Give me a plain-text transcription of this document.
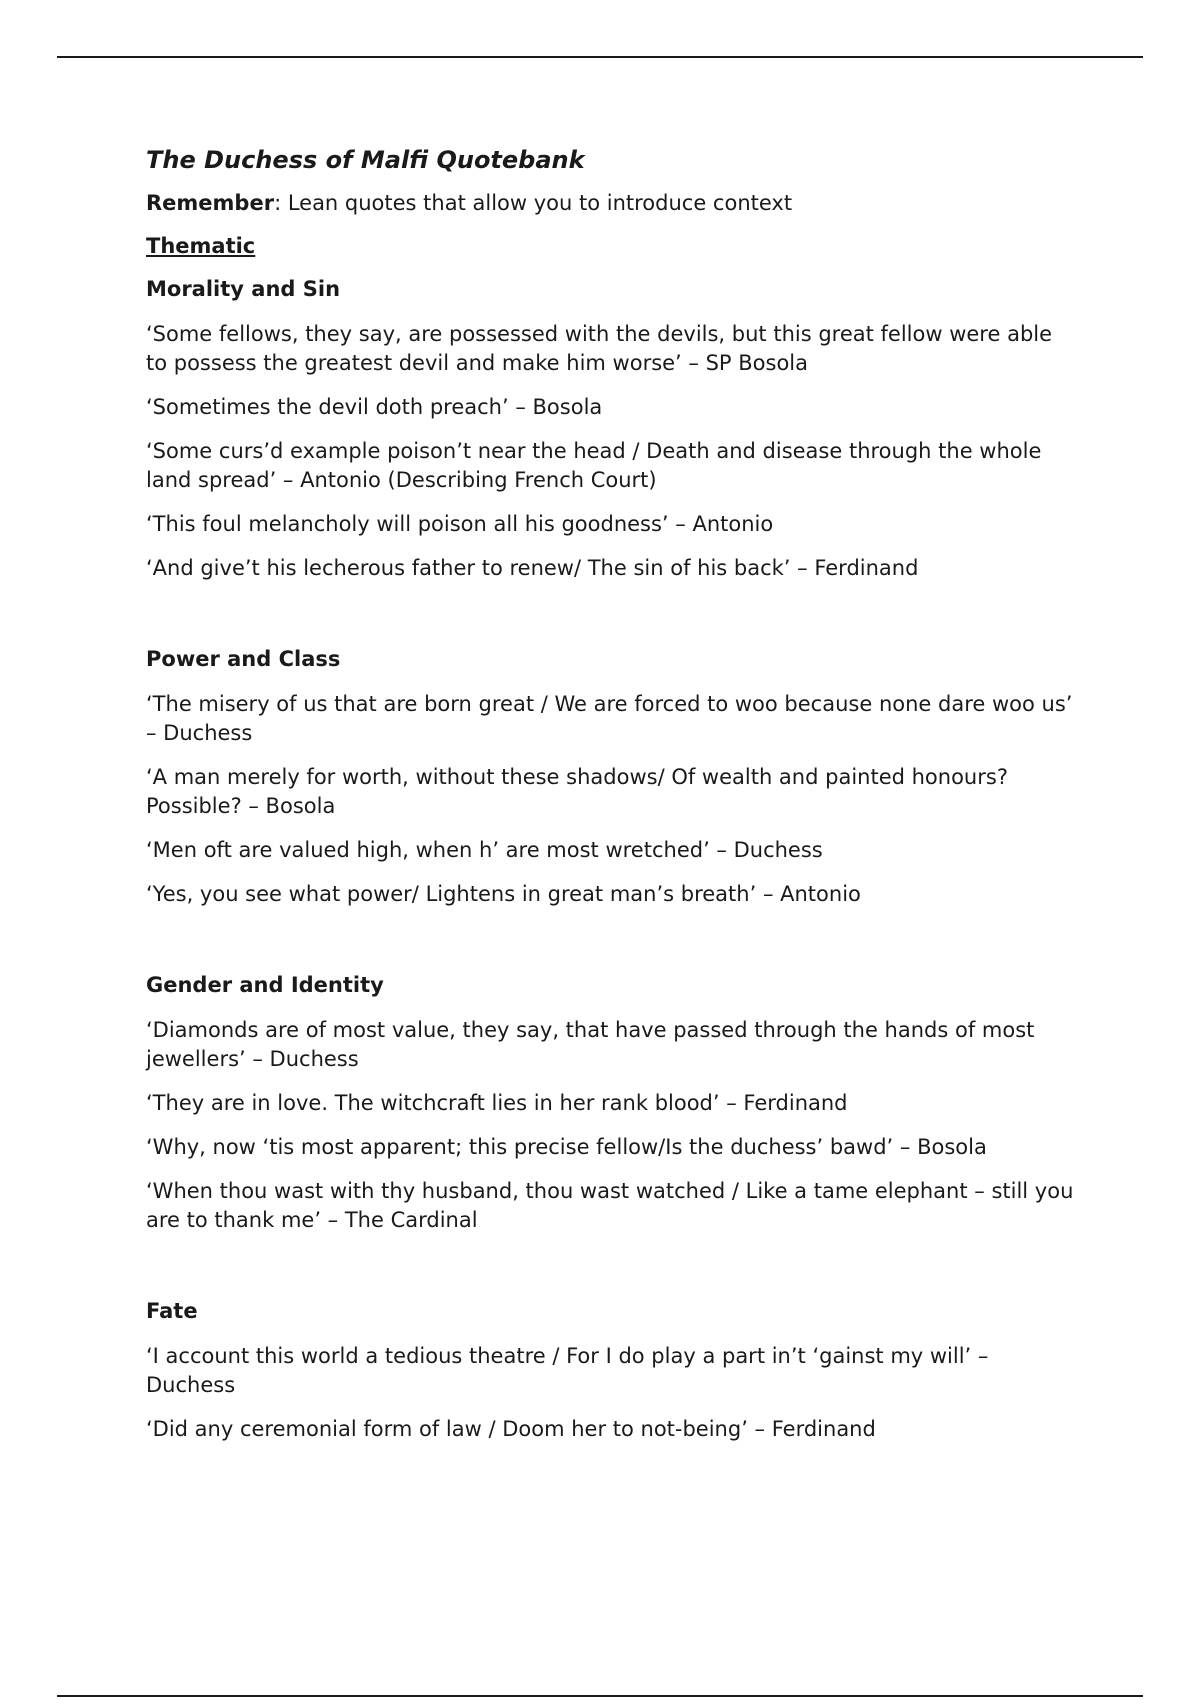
The Duchess of Malfi Quotebank
Remember: Lean quotes that allow you to introduce context
Thematic
Morality and Sin
‘Some fellows, they say, are possessed with the devils, but this great fellow were able to possess the greatest devil and make him worse’ – SP Bosola
‘Sometimes the devil doth preach’ – Bosola
‘Some curs’d example poison’t near the head / Death and disease through the whole land spread’ – Antonio (Describing French Court)
‘This foul melancholy will poison all his goodness’ – Antonio
‘And give’t his lecherous father to renew/ The sin of his back’ – Ferdinand
Power and Class
‘The misery of us that are born great / We are forced to woo because none dare woo us’ – Duchess
‘A man merely for worth, without these shadows/ Of wealth and painted honours? Possible? – Bosola
‘Men oft are valued high, when h’ are most wretched’ – Duchess
‘Yes, you see what power/ Lightens in great man’s breath’ – Antonio
Gender and Identity
‘Diamonds are of most value, they say, that have passed through the hands of most jewellers’ – Duchess
‘They are in love. The witchcraft lies in her rank blood’ – Ferdinand
‘Why, now ‘tis most apparent; this precise fellow/Is the duchess’ bawd’ – Bosola
‘When thou wast with thy husband, thou wast watched / Like a tame elephant – still you are to thank me’ – The Cardinal
Fate
‘I account this world a tedious theatre / For I do play a part in’t ‘gainst my will’ – Duchess
‘Did any ceremonial form of law / Doom her to not-being’ – Ferdinand
